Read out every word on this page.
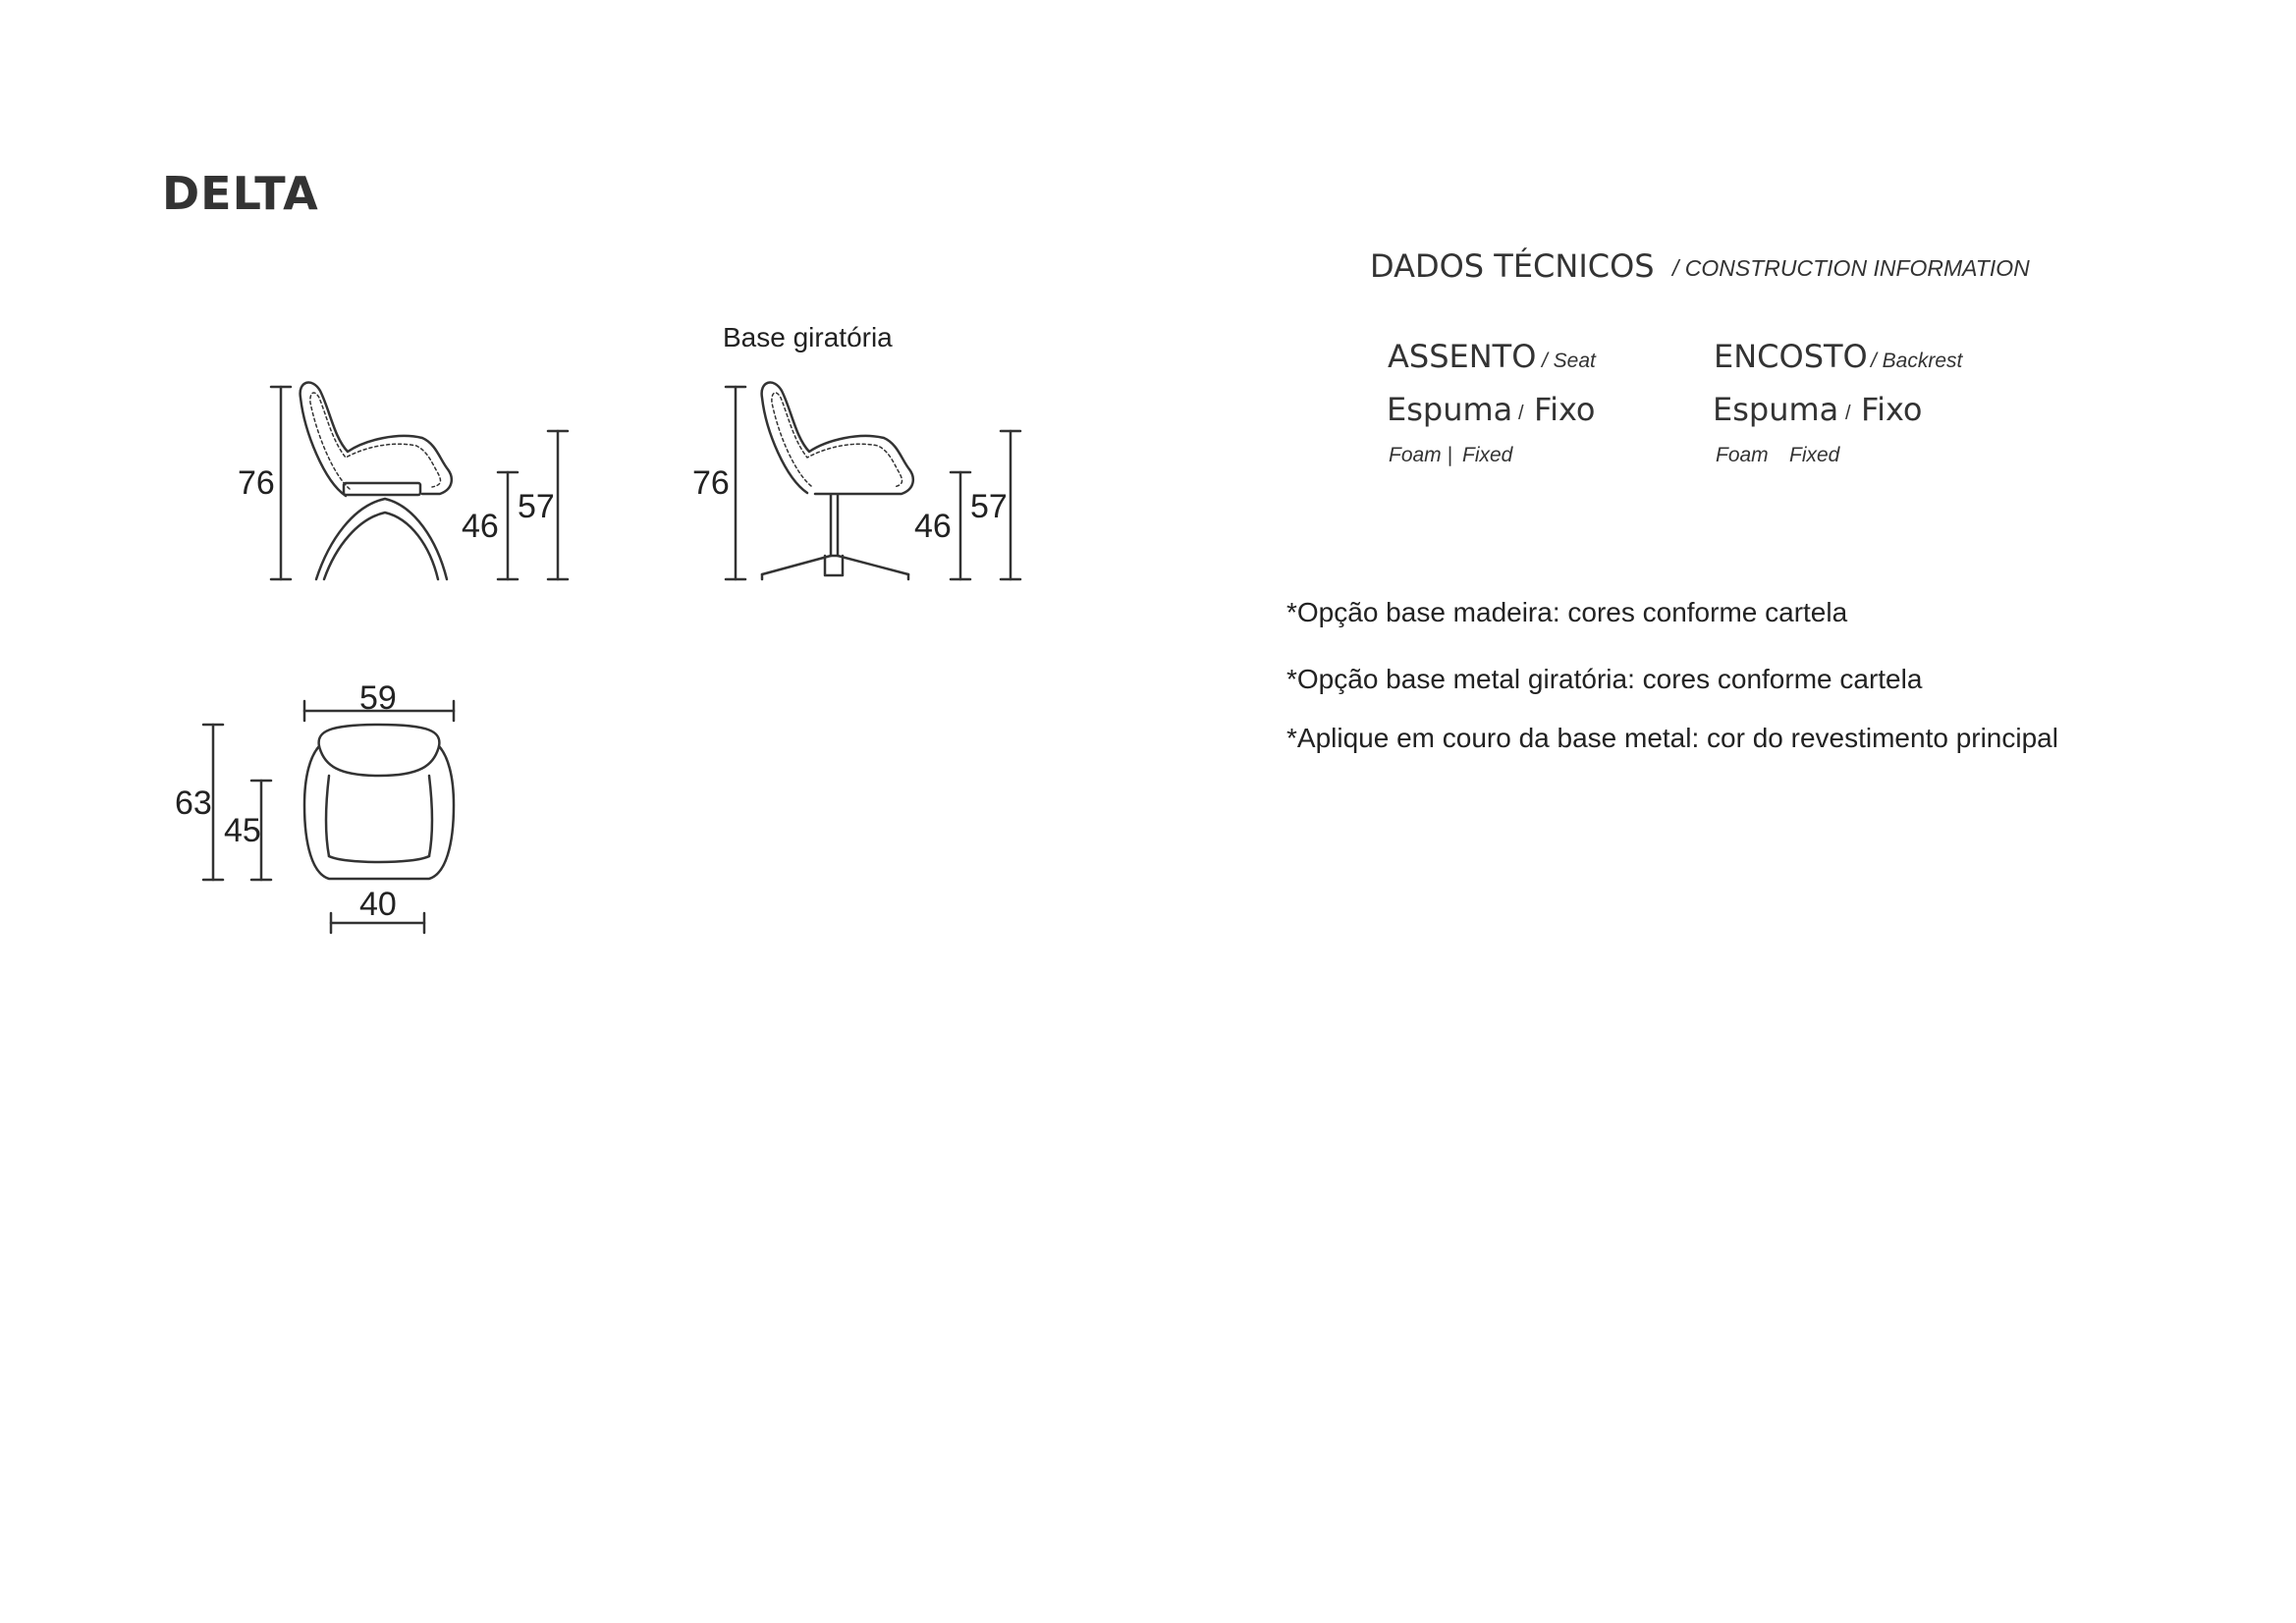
DELTA
76
46
57
76
46
57
59
63
45
40
Base giratória
DADOS TÉCNICOS / CONSTRUCTION INFORMATION
ASSENTO / Seat
Espuma / Fixo
Foam | Fixed
ENCOSTO / Backrest
Espuma / Fixo
Foam Fixed
*Opção base madeira: cores conforme cartela
*Opção base metal giratória: cores conforme cartela
*Aplique em couro da base metal: cor do revestimento principal
